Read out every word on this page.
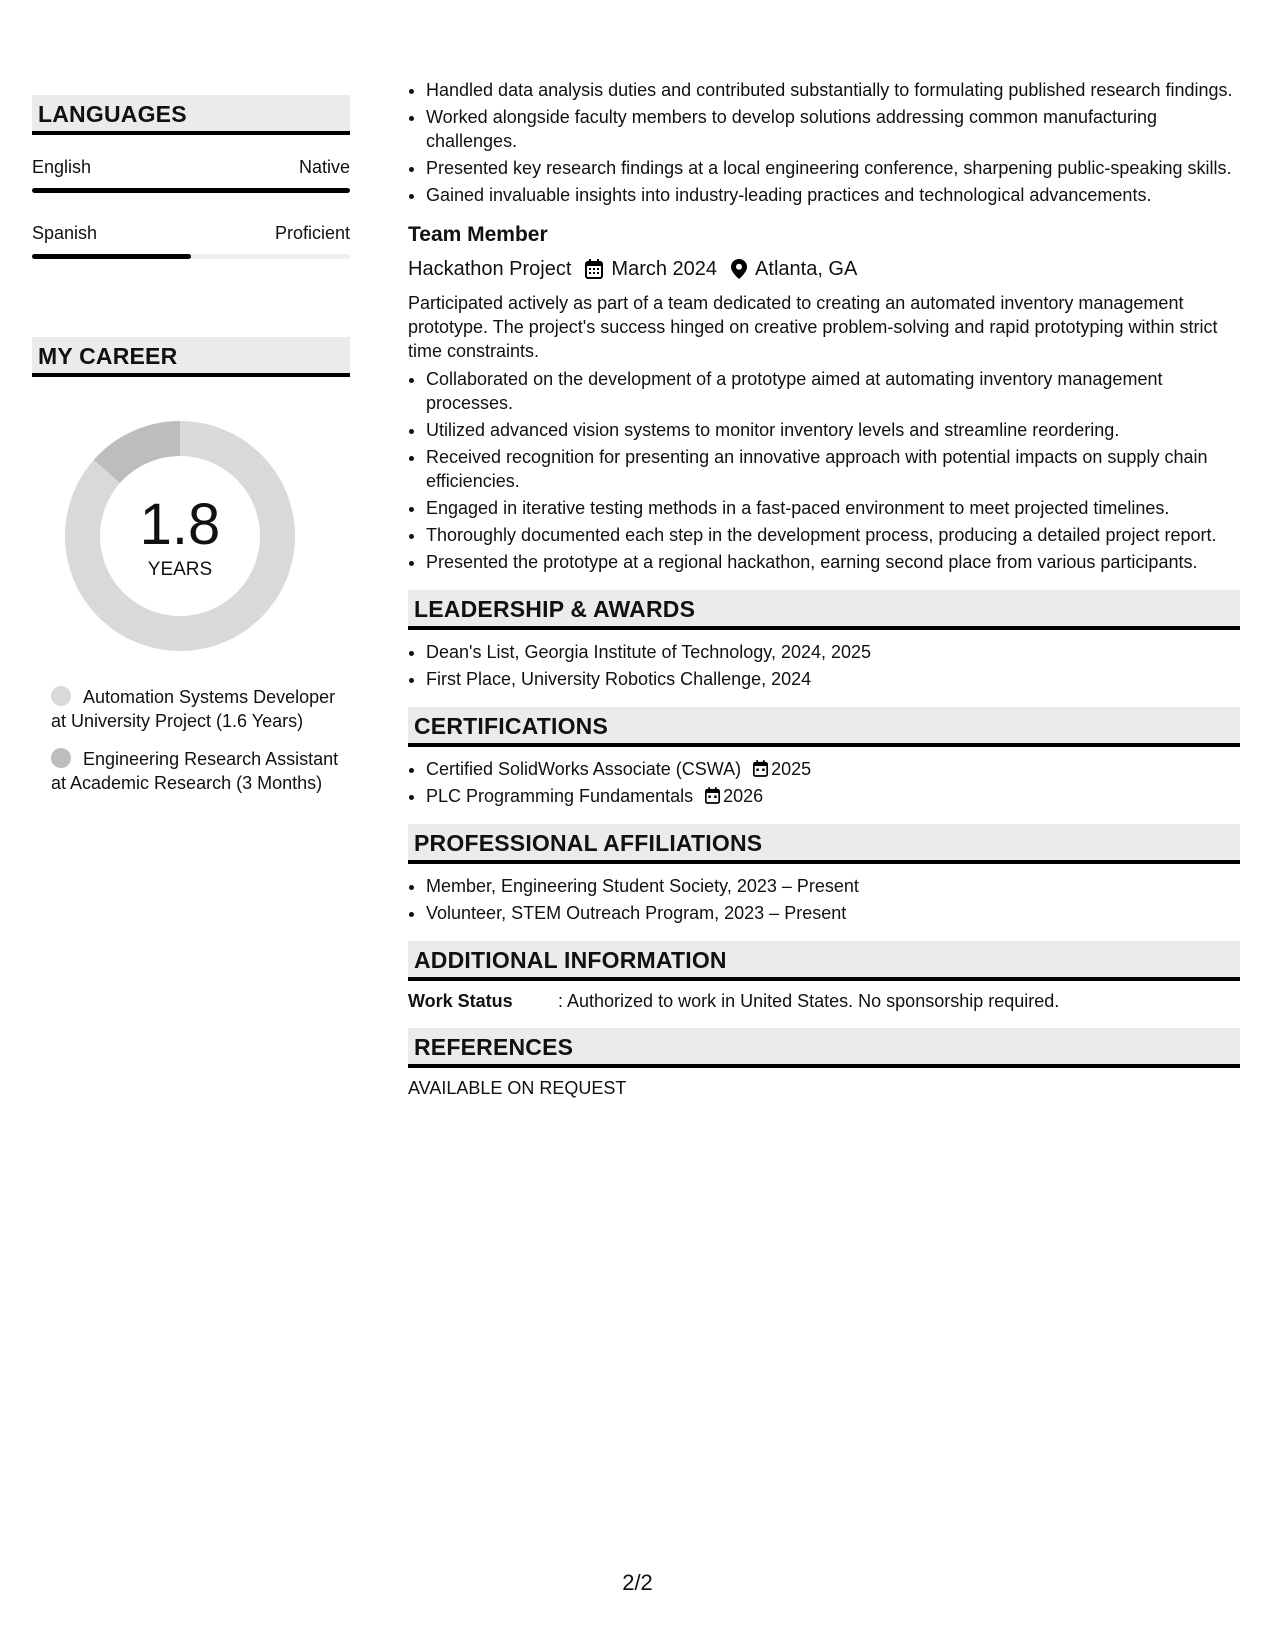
LANGUAGES
English	Native
Spanish	Proficient
MY CAREER
1.8
YEARS
Automation Systems Developer at University Project (1.6 Years)
Engineering Research Assistant at Academic Research (3 Months)
• Handled data analysis duties and contributed substantially to formulating published research findings.
• Worked alongside faculty members to develop solutions addressing common manufacturing challenges.
• Presented key research findings at a local engineering conference, sharpening public-speaking skills.
• Gained invaluable insights into industry-leading practices and technological advancements.
Team Member
Hackathon Project March 2024 Atlanta, GA
Participated actively as part of a team dedicated to creating an automated inventory management prototype. The project's success hinged on creative problem-solving and rapid prototyping within strict time constraints.
• Collaborated on the development of a prototype aimed at automating inventory management processes.
• Utilized advanced vision systems to monitor inventory levels and streamline reordering.
• Received recognition for presenting an innovative approach with potential impacts on supply chain efficiencies.
• Engaged in iterative testing methods in a fast-paced environment to meet projected timelines.
• Thoroughly documented each step in the development process, producing a detailed project report.
• Presented the prototype at a regional hackathon, earning second place from various participants.
LEADERSHIP & AWARDS
• Dean's List, Georgia Institute of Technology, 2024, 2025
• First Place, University Robotics Challenge, 2024
CERTIFICATIONS
• Certified SolidWorks Associate (CSWA) 2025
• PLC Programming Fundamentals 2026
PROFESSIONAL AFFILIATIONS
• Member, Engineering Student Society, 2023 – Present
• Volunteer, STEM Outreach Program, 2023 – Present
ADDITIONAL INFORMATION
Work Status	: Authorized to work in United States. No sponsorship required.
REFERENCES
AVAILABLE ON REQUEST
2/2
